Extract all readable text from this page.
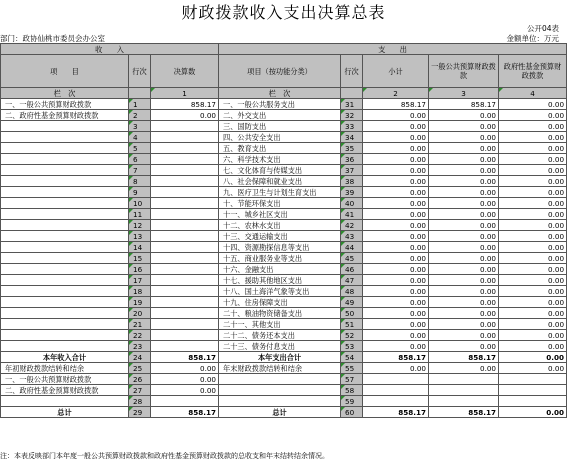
财政拨款收入支出决算总表
公开04表
部门：政协仙桃市委员会办公室	金额单位：万元
收　　入			支　　出				
项　　目	行次	决算数	项目（按功能分类）	行次	小计	一般公共预算财政拨款	政府性基金预算财政拨款
栏　次		1	栏　次		2	3	4
一、一般公共预算财政拨款	1	858.17	一、一般公共服务支出	31	858.17	858.17	0.00
二、政府性基金预算财政拨款	2	0.00	二、外交支出	32	0.00	0.00	0.00
	3		三、国防支出	33	0.00	0.00	0.00
	4		四、公共安全支出	34	0.00	0.00	0.00
	5		五、教育支出	35	0.00	0.00	0.00
	6		六、科学技术支出	36	0.00	0.00	0.00
	7		七、文化体育与传媒支出	37	0.00	0.00	0.00
	8		八、社会保障和就业支出	38	0.00	0.00	0.00
	9		九、医疗卫生与计划生育支出	39	0.00	0.00	0.00
	10		十、节能环保支出	40	0.00	0.00	0.00
	11		十一、城乡社区支出	41	0.00	0.00	0.00
	12		十二、农林水支出	42	0.00	0.00	0.00
	13		十三、交通运输支出	43	0.00	0.00	0.00
	14		十四、资源勘探信息等支出	44	0.00	0.00	0.00
	15		十五、商业服务业等支出	45	0.00	0.00	0.00
	16		十六、金融支出	46	0.00	0.00	0.00
	17		十七、援助其他地区支出	47	0.00	0.00	0.00
	18		十八、国土海洋气象等支出	48	0.00	0.00	0.00
	19		十九、住房保障支出	49	0.00	0.00	0.00
	20		二十、粮油物资储备支出	50	0.00	0.00	0.00
	21		二十一、其他支出	51	0.00	0.00	0.00
	22		二十二、债务还本支出	52	0.00	0.00	0.00
	23		二十三、债务付息支出	53	0.00	0.00	0.00
本年收入合计	24	858.17	本年支出合计	54	858.17	858.17	0.00
年初财政拨款结转和结余	25	0.00	年末财政拨款结转和结余	55	0.00	0.00	0.00
一、一般公共预算财政拨款	26	0.00		57			
二、政府性基金预算财政拨款	27	0.00		58			
	28			59			
总计	29	858.17	总计	60	858.17	858.17	0.00
注：本表反映部门本年度一般公共预算财政拨款和政府性基金预算财政拨款的总收支和年末结转结余情况。
